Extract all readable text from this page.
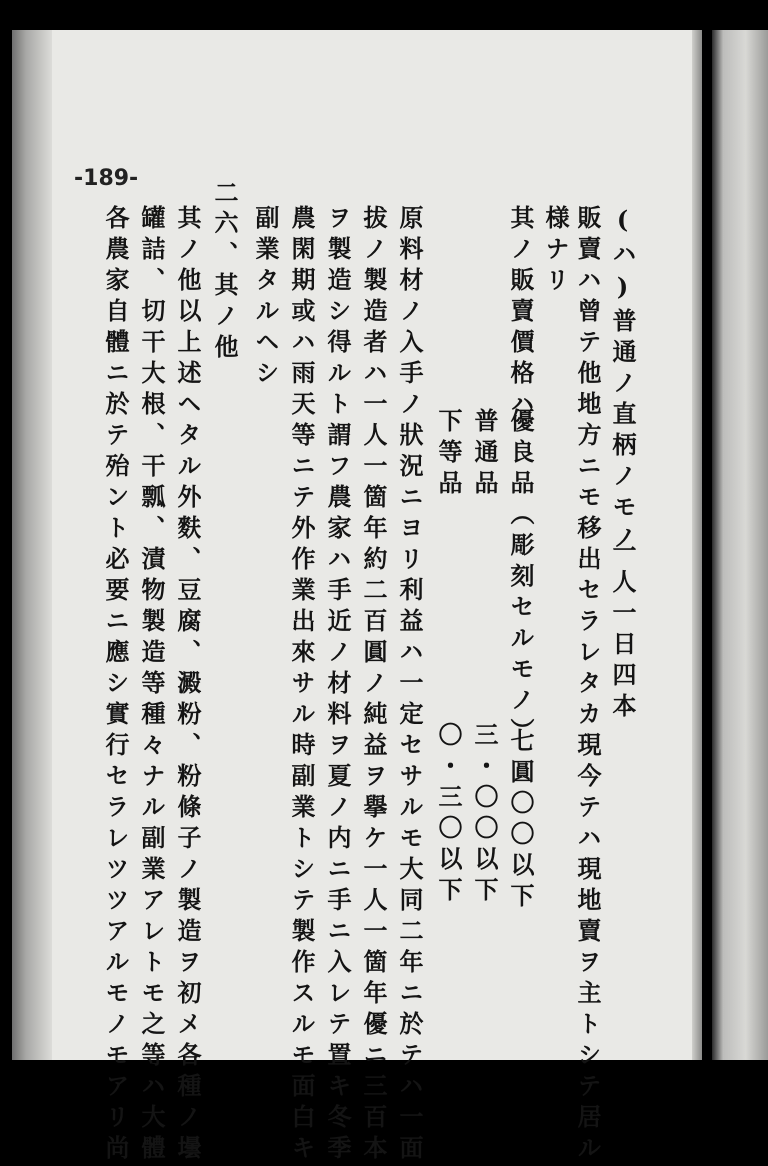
-189-
(ハ)普通ノ直柄ノモノ
一人一日四本
販賣ハ曾テ他地方ニモ移出セラレタカ現今テハ現地賣ヲ主トシテ居ル
様ナリ
其ノ販賣價格ハ
優良品（彫刻セルモノ）
七圓〇〇以下
普通品
三・〇〇以下
下等品
〇・三〇以下
原料材ノ入手ノ狀況ニヨリ利益ハ一定セサルモ大同二年ニ於テハ一面
拔ノ製造者ハ一人一箇年約二百圓ノ純益ヲ擧ケ一人一箇年優ニ三百本
ヲ製造シ得ルト謂フ農家ハ手近ノ材料ヲ夏ノ内ニ手ニ入レテ置キ冬季
農閑期或ハ雨天等ニテ外作業出來サル時副業トシテ製作スルモ面白キ
副業タルヘシ
二
六、其ノ他
其ノ他以上述ヘタル外麩、豆腐、澱粉、粉條子ノ製造ヲ初メ各種ノ壜
罐詰、切干大根、干瓢、漬物製造等種々ナル副業アレトモ之等ハ大體
各農家自體ニ於テ殆ント必要ニ應シ實行セラレツツアルモノモアリ尚
